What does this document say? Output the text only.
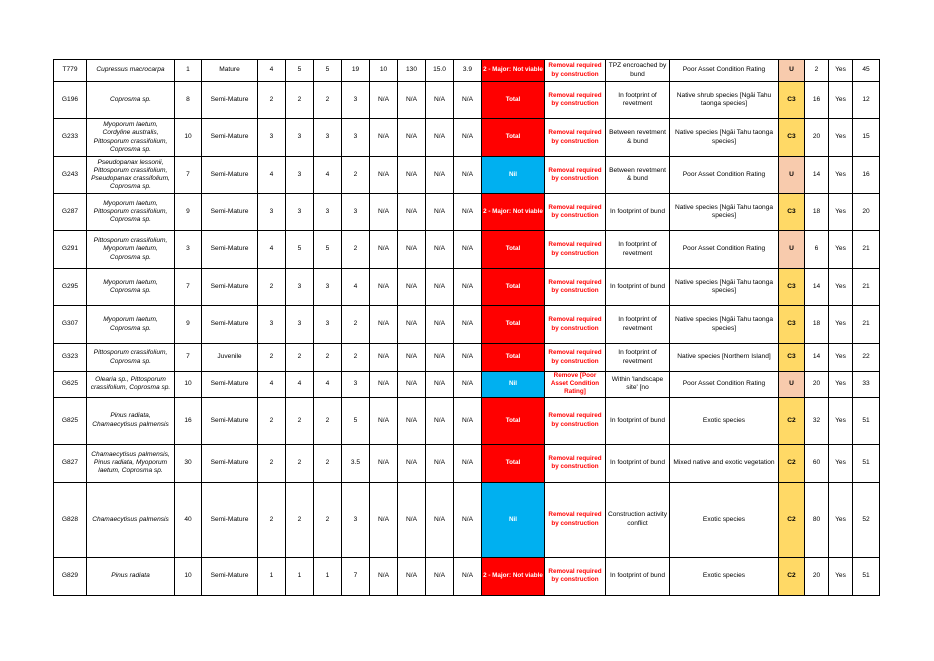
T779	Cupressus macrocarpa	1	Mature	4	5	5	19	10	130	15.0	3.9	2 - Major: Not viable	Removal required by construction	TPZ encroached by bund	Poor Asset Condition Rating	U	2	Yes	45
G196	Coprosma sp.	8	Semi-Mature	2	2	2	3	N/A	N/A	N/A	N/A	Total	Removal required by construction	In footprint of revetment	Native shrub species [Ngāi Tahu taonga species]	C3	16	Yes	12
G233	Myoporum laetum, Cordyline australis, Pittosporum crassifolium, Coprosma sp.	10	Semi-Mature	3	3	3	3	N/A	N/A	N/A	N/A	Total	Removal required by construction	Between revetment & bund	Native species [Ngāi Tahu taonga species]	C3	20	Yes	15
G243	Pseudopanax lessonii, Pittosporum crassifolium, Pseudopanax crassifolium, Coprosma sp.	7	Semi-Mature	4	3	4	2	N/A	N/A	N/A	N/A	Nil	Removal required by construction	Between revetment & bund	Poor Asset Condition Rating	U	14	Yes	16
G287	Myoporum laetum, Pittosporum crassifolium, Coprosma sp.	9	Semi-Mature	3	3	3	3	N/A	N/A	N/A	N/A	2 - Major: Not viable	Removal required by construction	In footprint of bund	Native species [Ngāi Tahu taonga species]	C3	18	Yes	20
G291	Pittosporum crassifolium, Myoporum laetum, Coprosma sp.	3	Semi-Mature	4	5	5	2	N/A	N/A	N/A	N/A	Total	Removal required by construction	In footprint of revetment	Poor Asset Condition Rating	U	6	Yes	21
G295	Myoporum laetum, Coprosma sp.	7	Semi-Mature	2	3	3	4	N/A	N/A	N/A	N/A	Total	Removal required by construction	In footprint of bund	Native species [Ngāi Tahu taonga species]	C3	14	Yes	21
G307	Myoporum laetum, Coprosma sp.	9	Semi-Mature	3	3	3	2	N/A	N/A	N/A	N/A	Total	Removal required by construction	In footprint of revetment	Native species [Ngāi Tahu taonga species]	C3	18	Yes	21
G323	Pittosporum crassifolium, Coprosma sp.	7	Juvenile	2	2	2	2	N/A	N/A	N/A	N/A	Total	Removal required by construction	In footprint of revetment	Native species [Northern Island]	C3	14	Yes	22
G625	Olearia sp., Pittosporum crassifolium, Coprosma sp.	10	Semi-Mature	4	4	4	3	N/A	N/A	N/A	N/A	Nil	Remove [Poor Asset Condition Rating]	Within 'landscape site' [no	Poor Asset Condition Rating	U	20	Yes	33
G825	Pinus radiata, Chamaecytisus palmensis	16	Semi-Mature	2	2	2	5	N/A	N/A	N/A	N/A	Total	Removal required by construction	In footprint of bund	Exotic species	C2	32	Yes	51
G827	Chamaecytisus palmensis, Pinus radiata, Myoporum laetum, Coprosma sp.	30	Semi-Mature	2	2	2	3.5	N/A	N/A	N/A	N/A	Total	Removal required by construction	In footprint of bund	Mixed native and exotic vegetation	C2	60	Yes	51
G828	Chamaecytisus palmensis	40	Semi-Mature	2	2	2	3	N/A	N/A	N/A	N/A	Nil	Removal required by construction	Construction activity conflict	Exotic species	C2	80	Yes	52
G829	Pinus radiata	10	Semi-Mature	1	1	1	7	N/A	N/A	N/A	N/A	2 - Major: Not viable	Removal required by construction	In footprint of bund	Exotic species	C2	20	Yes	51
